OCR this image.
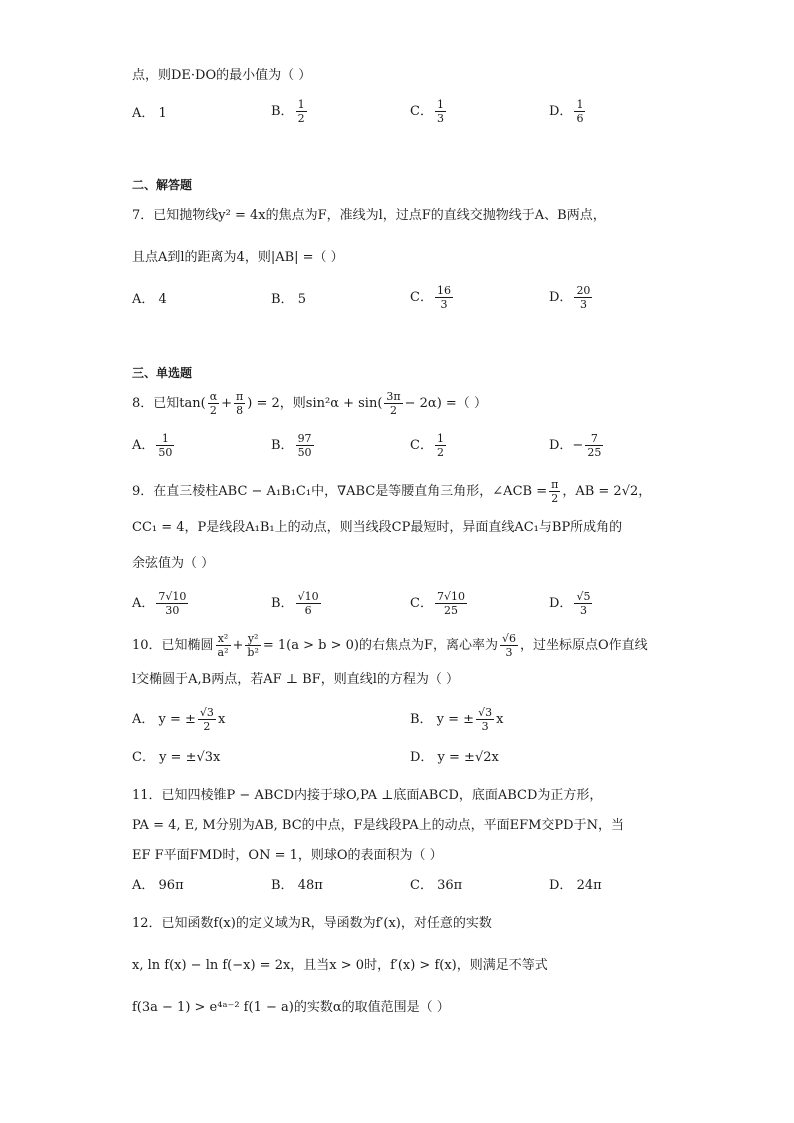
点，则DE·DO的最小值为（ ）
A． 1	B． $\frac{1}{2}$	C． $\frac{1}{3}$	D． $\frac{1}{6}$
二、解答题
7．已知抛物线y² = 4x的焦点为F，准线为l，过点F的直线交抛物线于A、B两点，
且点A到l的距离为4，则|AB| =（ ）
A． 4	B． 5	C． $\frac{16}{3}$	D． $\frac{20}{3}$
三、单选题
8．已知$\tan( \frac{\alpha}{2} + \frac{\pi}{8}$ ) = 2，则$\sin^2\alpha + \sin( \frac{3\pi}{2} - 2\alpha)$ =（ ）
A． $\frac{1}{50}$	B． $\frac{97}{50}$	C． $\frac{1}{2}$	D．− $\frac{7}{25}$
9．在直三棱柱ABC − A₁B₁C₁中，∇ABC是等腰直角三角形，∠ACB = $\frac{\pi}{2}$ ，AB = 2√2，
CC₁ = 4，P是线段A₁B₁上的动点，则当线段CP最短时，异面直线AC₁与BP所成角的
余弦值为（ ）
A． $\frac{7√10}{30}$	B． $\frac{√10}{6}$	C． $\frac{7√10}{25}$	D． $\frac{√5}{3}$
10．已知椭圆 $\frac{\text{x²}}{\text{a²}} + \frac{\text{y²}}{\text{b²}} = 1(a > b > 0)$的右焦点为F，离心率为 $\frac{√6}{3}$ ，过坐标原点O作直线
l交椭圆于A,B两点，若AF ⊥ BF，则直线l的方程为（ ）
A． y = ± $\frac{√3}{2}$ x	B． y = ± $\frac{√3}{3}$ x
C． y = ±√3x	D． y = ±√2x
11．已知四棱锥P − ABCD内接于球O,PA ⊥底面ABCD，底面ABCD为正方形，
PA = 4, E, M分别为AB, BC的中点，F是线段PA上的动点，平面EFM交PD于N，当
EF F平面FMD时，ON = 1，则球O的表面积为（ ）
A． 96π	B． 48π	C． 36π	D． 24π
12．已知函数f(x)的定义域为R，导函数为f′(x)，对任意的实数
x, ln f(x) − ln f(−x) = 2x，且当x > 0时，f′(x) > f(x)，则满足不等式
f(3a − 1) > e⁴ᵃ⁻² f(1 − a)的实数α的取值范围是（ ）
